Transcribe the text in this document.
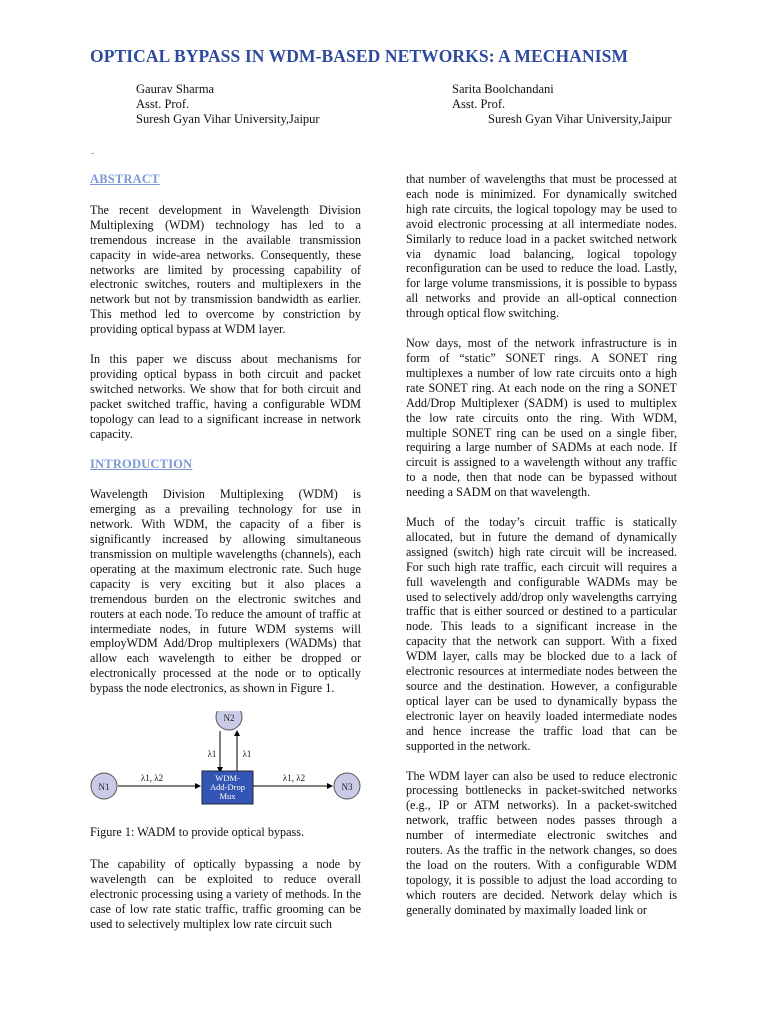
OPTICAL BYPASS IN WDM-BASED NETWORKS: A MECHANISM
Gaurav Sharma
Asst. Prof.
Suresh Gyan Vihar University,Jaipur
Sarita Boolchandani
Asst. Prof.
Suresh Gyan Vihar University,Jaipur
-
ABSTRACT

The recent development in Wavelength Division Multiplexing (WDM) technology has led to a tremendous increase in the available transmission capacity in wide-area networks. Consequently, these networks are limited by processing capability of electronic switches, routers and multiplexers in the network but not by transmission bandwidth as earlier. This method led to overcome by constriction by providing optical bypass at WDM layer.

In this paper we discuss about mechanisms for providing optical bypass in both circuit and packet switched networks. We show that for both circuit and packet switched traffic, having a configurable WDM topology can lead to a significant increase in network capacity.

INTRODUCTION

Wavelength Division Multiplexing (WDM) is emerging as a prevailing technology for use in network. With WDM, the capacity of a fiber is significantly increased by allowing simultaneous transmission on multiple wavelengths (channels), each operating at the maximum electronic rate. Such huge capacity is very exciting but it also places a tremendous burden on the electronic switches and routers at each node. To reduce the amount of traffic at intermediate nodes, in future WDM systems will employWDM Add/Drop multiplexers (WADMs) that allow each wavelength to either be dropped or electronically processed at the node or to optically bypass the node electronics, as shown in Figure 1.

N1
N2
N3
WDM-
Add-Drop
Mux
λ1, λ2	λ1, λ2
λ1	λ1

Figure 1: WADM to provide optical bypass.

The capability of optically bypassing a node by wavelength can be exploited to reduce overall electronic processing using a variety of methods. In the case of low rate static traffic, traffic grooming can be used to selectively multiplex low rate circuit such

that number of wavelengths that must be processed at each node is minimized. For dynamically switched high rate circuits, the logical topology may be used to avoid electronic processing at all intermediate nodes. Similarly to reduce load in a packet switched network via dynamic load balancing, logical topology reconfiguration can be used to reduce the load. Lastly, for large volume transmissions, it is possible to bypass all networks and provide an all-optical connection through optical flow switching.

Now days, most of the network infrastructure is in form of “static” SONET rings. A SONET ring multiplexes a number of low rate circuits onto a high rate SONET ring. At each node on the ring a SONET Add/Drop Multiplexer (SADM) is used to multiplex the low rate circuits onto the ring. With WDM, multiple SONET ring can be used on a single fiber, requiring a large number of SADMs at each node. If circuit is assigned to a wavelength without any traffic to a node, then that node can be bypassed without needing a SADM on that wavelength.

Much of the today’s circuit traffic is statically allocated, but in future the demand of dynamically assigned (switch) high rate circuit will be increased. For such high rate traffic, each circuit will requires a full wavelength and configurable WADMs may be used to selectively add/drop only wavelengths carrying traffic that is either sourced or destined to a particular node. This leads to a significant increase in the capacity that the network can support. With a fixed WDM layer, calls may be blocked due to a lack of electronic resources at intermediate nodes between the source and the destination. However, a configurable optical layer can be used to dynamically bypass the electronic layer on heavily loaded intermediate nodes and hence increase the traffic load that can be supported in the network.

The WDM layer can also be used to reduce electronic processing bottlenecks in packet-switched networks (e.g., IP or ATM networks). In a packet-switched network, traffic between nodes passes through a number of intermediate electronic switches and routers. As the traffic in the network changes, so does the load on the routers. With a configurable WDM topology, it is possible to adjust the load according to which routers are decided. Network delay which is generally dominated by maximally loaded link or
